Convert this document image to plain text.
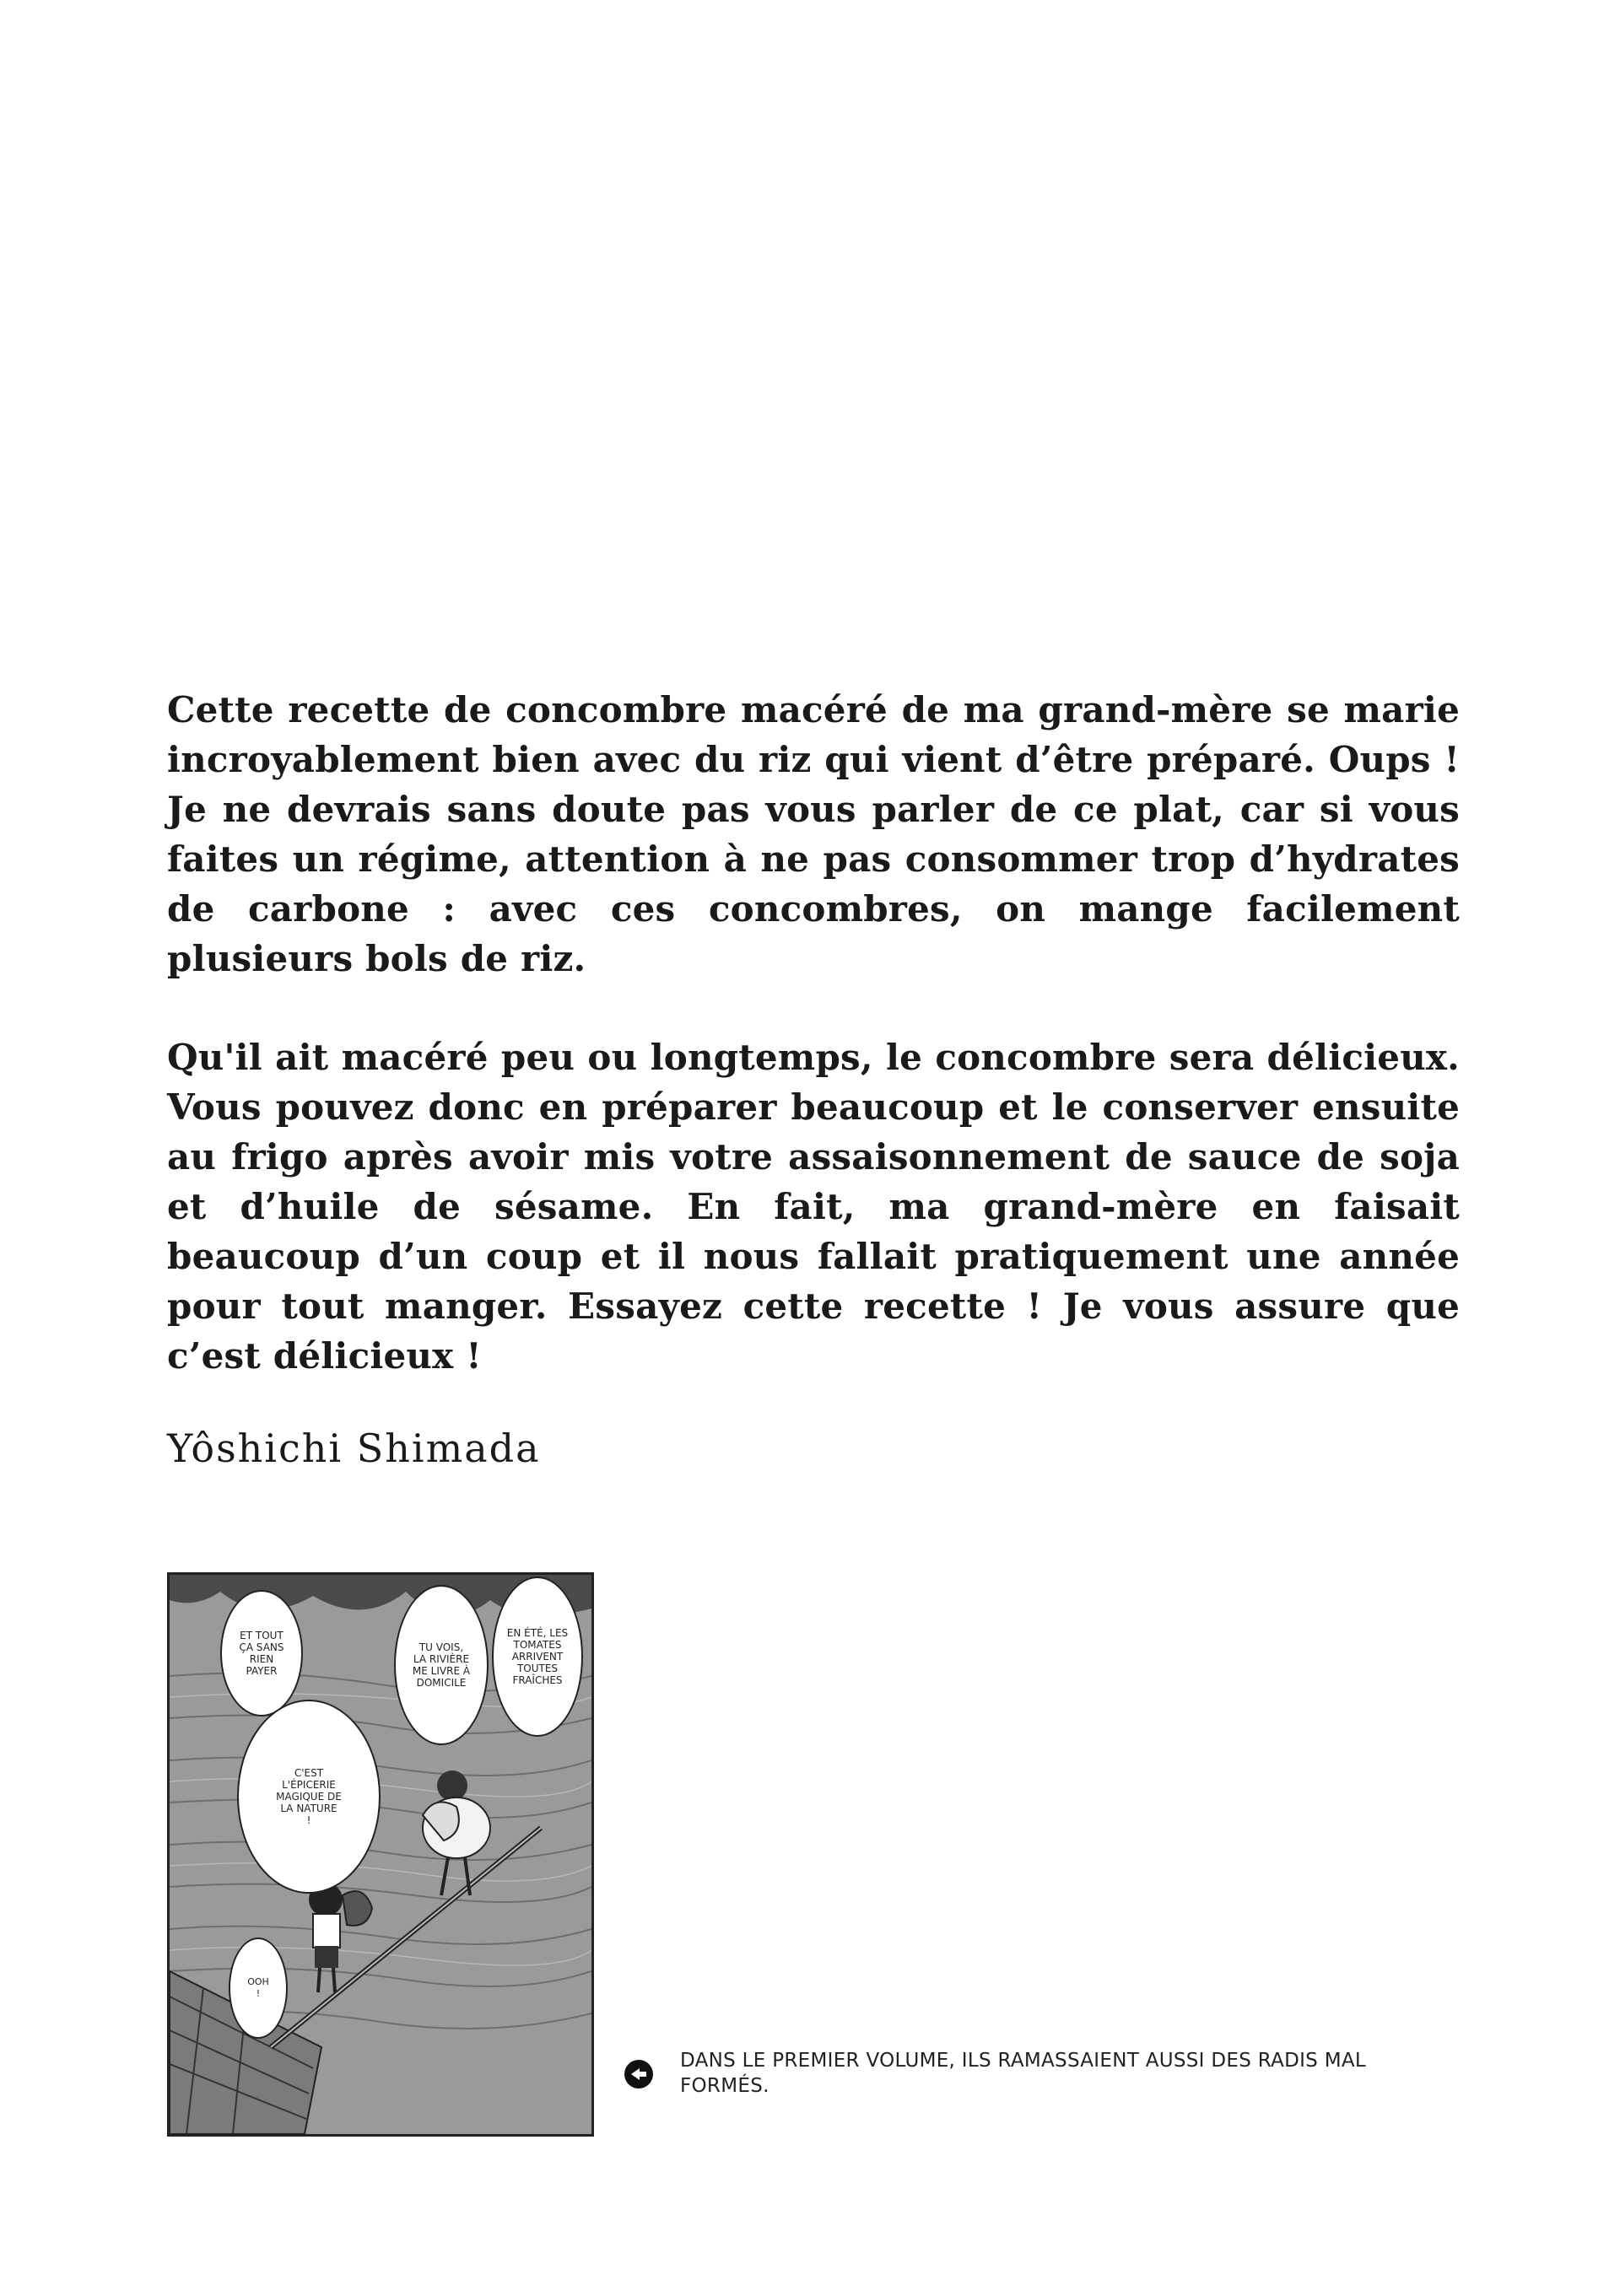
Cette recette de concombre macéré de ma grand-mère se marie incroyablement bien avec du riz qui vient d’être préparé. Oups ! Je ne devrais sans doute pas vous parler de ce plat, car si vous faites un régime, attention à ne pas consommer trop d’hydrates de carbone : avec ces concombres, on mange facilement plusieurs bols de riz.

Qu'il ait macéré peu ou longtemps, le concombre sera délicieux. Vous pouvez donc en préparer beaucoup et le conserver ensuite au frigo après avoir mis votre assaisonnement de sauce de soja et d’huile de sésame. En fait, ma grand-mère en faisait beaucoup d’un coup et il nous fallait pratiquement une année pour tout manger. Essayez cette recette ! Je vous assure que c’est délicieux !

Yôshichi Shimada
ET TOUT
ÇA SANS
RIEN
PAYER
TU VOIS,
LA RIVIÈRE
ME LIVRE À
DOMICILE
EN ÉTÉ, LES
TOMATES
ARRIVENT
TOUTES
FRAÎCHES
C'EST
L'ÉPICERIE
MAGIQUE DE
LA NATURE
!
OOH
!
DANS LE PREMIER VOLUME, ILS RAMASSAIENT AUSSI DES RADIS MAL FORMÉS.
